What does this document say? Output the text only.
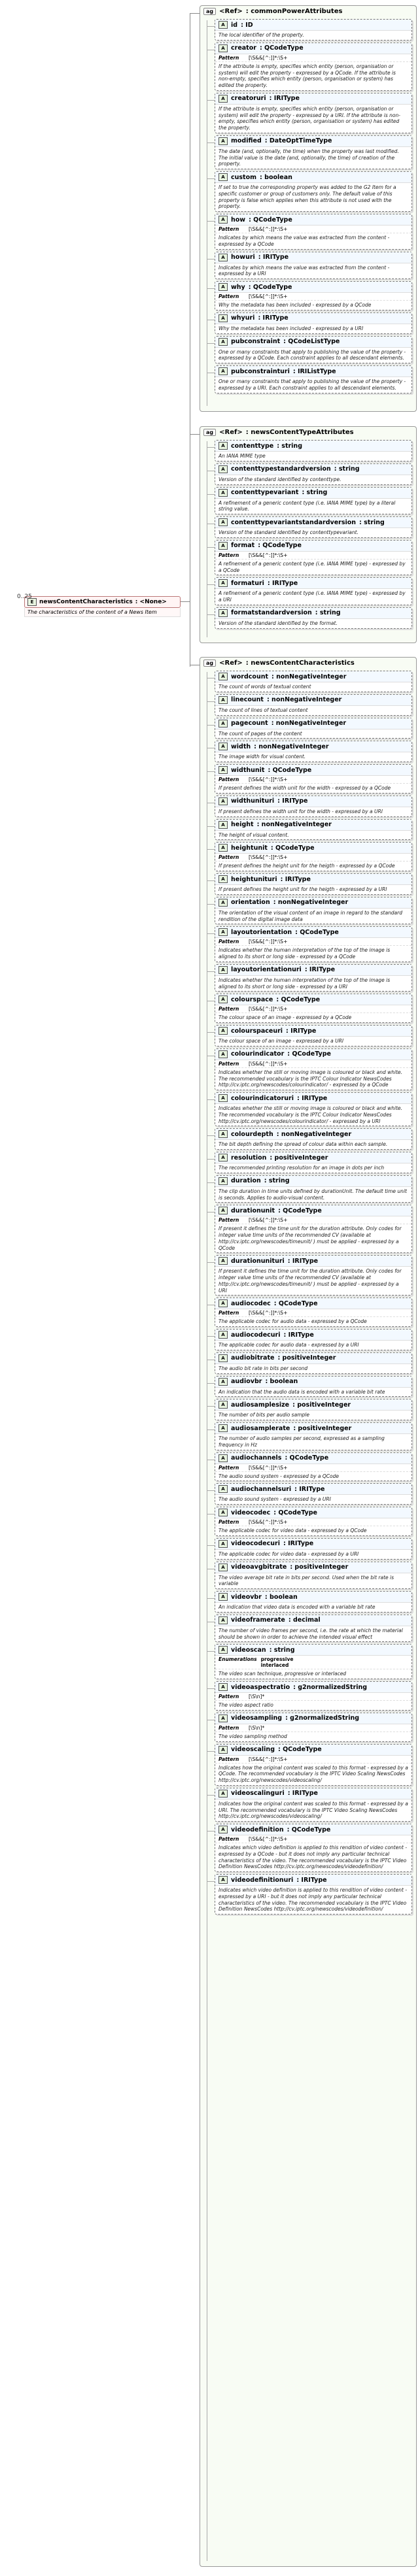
0..25
E newsContentCharacteristics : <None>
The characteristics of the content of a News Item
ag <Ref> : commonPowerAttributes
A id : ID
The local identifier of the property.
A creator : QCodeType
Pattern	[\S&&[^:]]*:\S+
If the attribute is empty, specifies which entity (person, organisation or system) will edit the property - expressed by a QCode. If the attribute is non-empty, specifies which entity (person, organisation or system) has edited the property.
A creatoruri : IRIType
If the attribute is empty, specifies which entity (person, organisation or system) will edit the property - expressed by a URI. If the attribute is non-empty, specifies which entity (person, organisation or system) has edited the property.
A modified : DateOptTimeType
The date (and, optionally, the time) when the property was last modified. The initial value is the date (and, optionally, the time) of creation of the property.
A custom : boolean
If set to true the corresponding property was added to the G2 Item for a specific customer or group of customers only. The default value of this property is false which applies when this attribute is not used with the property.
A how : QCodeType
Pattern	[\S&&[^:]]*:\S+
Indicates by which means the value was extracted from the content - expressed by a QCode
A howuri : IRIType
Indicates by which means the value was extracted from the content - expressed by a URI
A why : QCodeType
Pattern	[\S&&[^:]]*:\S+
Why the metadata has been included - expressed by a QCode
A whyuri : IRIType
Why the metadata has been included - expressed by a URI
A pubconstraint : QCodeListType
One or many constraints that apply to publishing the value of the property - expressed by a QCode. Each constraint applies to all descendant elements.
A pubconstrainturi : IRIListType
One or many constraints that apply to publishing the value of the property - expressed by a URI. Each constraint applies to all descendant elements.
ag <Ref> : newsContentTypeAttributes
A contenttype : string
An IANA MIME type
A contenttypestandardversion : string
Version of the standard identified by contenttype.
A contenttypevariant : string
A refinement of a generic content type (i.e. IANA MIME type) by a literal string value.
A contenttypevariantstandardversion : string
Version of the standard identified by contenttypevariant.
A format : QCodeType
Pattern	[\S&&[^:]]*:\S+
A refinement of a generic content type (i.e. IANA MIME type) - expressed by a QCode
A formaturi : IRIType
A refinement of a generic content type (i.e. IANA MIME type) - expressed by a URI
A formatstandardversion : string
Version of the standard identified by the format.
ag <Ref> : newsContentCharacteristics
A wordcount : nonNegativeInteger
The count of words of textual content
A linecount : nonNegativeInteger
The count of lines of textual content
A pagecount : nonNegativeInteger
The count of pages of the content
A width : nonNegativeInteger
The image width for visual content.
A widthunit : QCodeType
Pattern	[\S&&[^:]]*:\S+
If present defines the width unit for the width - expressed by a QCode
A widthunituri : IRIType
If present defines the width unit for the width - expressed by a URI
A height : nonNegativeInteger
The height of visual content.
A heightunit : QCodeType
Pattern	[\S&&[^:]]*:\S+
If present defines the height unit for the heigth - expressed by a QCode
A heightunituri : IRIType
If present defines the height unit for the heigth - expressed by a URI
A orientation : nonNegativeInteger
The orientation of the visual content of an image in regard to the standard rendition of the digital image data
A layoutorientation : QCodeType
Pattern	[\S&&[^:]]*:\S+
Indicates whether the human interpretation of the top of the image is aligned to its short or long side - expressed by a QCode
A layoutorientationuri : IRIType
Indicates whether the human interpretation of the top of the image is aligned to its short or long side - expressed by a URI
A colourspace : QCodeType
Pattern	[\S&&[^:]]*:\S+
The colour space of an image - expressed by a QCode
A colourspaceuri : IRIType
The colour space of an image - expressed by a URI
A colourindicator : QCodeType
Pattern	[\S&&[^:]]*:\S+
Indicates whether the still or moving image is coloured or black and white. The recommended vocabulary is the IPTC Colour Indicator NewsCodes http://cv.iptc.org/newscodes/colourindicator/ - expressed by a QCode
A colourindicatoruri : IRIType
Indicates whether the still or moving image is coloured or black and white. The recommended vocabulary is the IPTC Colour Indicator NewsCodes http://cv.iptc.org/newscodes/colourindicator/ - expressed by a URI
A colourdepth : nonNegativeInteger
The bit depth defining the spread of colour data within each sample.
A resolution : positiveInteger
The recommended printing resolution for an image in dots per inch
A duration : string
The clip duration in time units defined by durationUnit. The default time unit is seconds. Applies to audio-visual content.
A durationunit : QCodeType
Pattern	[\S&&[^:]]*:\S+
If present it defines the time unit for the duration attribute. Only codes for integer value time units of the recommended CV (available at http://cv.iptc.org/newscodes/timeunit/ ) must be applied - expressed by a QCode
A durationunituri : IRIType
If present it defines the time unit for the duration attribute. Only codes for integer value time units of the recommended CV (available at http://cv.iptc.org/newscodes/timeunit/ ) must be applied - expressed by a URI
A audiocodec : QCodeType
Pattern	[\S&&[^:]]*:\S+
The applicable codec for audio data - expressed by a QCode
A audiocodecuri : IRIType
The applicable codec for audio data - expressed by a URI
A audiobitrate : positiveInteger
The audio bit rate in bits per second
A audiovbr : boolean
An indication that the audio data is encoded with a variable bit rate
A audiosamplesize : positiveInteger
The number of bits per audio sample
A audiosamplerate : positiveInteger
The number of audio samples per second, expressed as a sampling frequency in Hz
A audiochannels : QCodeType
Pattern	[\S&&[^:]]*:\S+
The audio sound system - expressed by a QCode
A audiochannelsuri : IRIType
The audio sound system - expressed by a URI
A videocodec : QCodeType
Pattern	[\S&&[^:]]*:\S+
The applicable codec for video data - expressed by a QCode
A videocodecuri : IRIType
The applicable codec for video data - expressed by a URI
A videoavgbitrate : positiveInteger
The video average bit rate in bits per second. Used when the bit rate is variable
A videovbr : boolean
An indication that video data is encoded with a variable bit rate
A videoframerate : decimal
The number of video frames per second, i.e. the rate at which the material should be shown in order to achieve the intended visual effect
A videoscan : string
Enumerations progressive
interlaced
The video scan technique, progressive or interlaced
A videoaspectratio : g2normalizedString
Pattern	[\S\n]*
The video aspect ratio
A videosampling : g2normalizedString
Pattern	[\S\n]*
The video sampling method
A videoscaling : QCodeType
Pattern	[\S&&[^:]]*:\S+
Indicates how the original content was scaled to this format - expressed by a QCode. The recommended vocabulary is the IPTC Video Scaling NewsCodes http://cv.iptc.org/newscodes/videoscaling/
A videoscalinguri : IRIType
Indicates how the original content was scaled to this format - expressed by a URI. The recommended vocabulary is the IPTC Video Scaling NewsCodes http://cv.iptc.org/newscodes/videoscaling/
A videodefinition : QCodeType
Pattern	[\S&&[^:]]*:\S+
Indicates which video definition is applied to this rendition of video content - expressed by a QCode - but it does not imply any particular technical characteristics of the video. The recommended vocabulary is the IPTC Video Definition NewsCodes http://cv.iptc.org/newscodes/videodefinition/
A videodefinitionuri : IRIType
Indicates which video definition is applied to this rendition of video content - expressed by a URI - but it does not imply any particular technical characteristics of the video. The recommended vocabulary is the IPTC Video Definition NewsCodes http://cv.iptc.org/newscodes/videodefinition/
